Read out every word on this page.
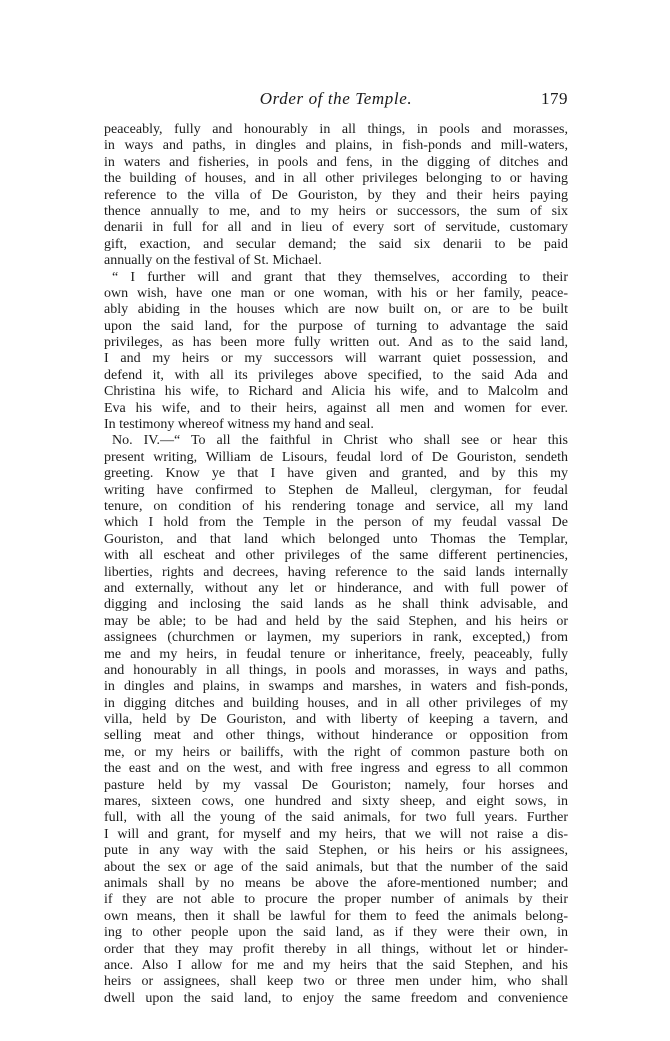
Order of the Temple.	179
peaceably, fully and honourably in all things, in pools and morasses,
in ways and paths, in dingles and plains, in fish-ponds and mill-waters,
in waters and fisheries, in pools and fens, in the digging of ditches and
the building of houses, and in all other privileges belonging to or having
reference to the villa of De Gouriston, by they and their heirs paying
thence annually to me, and to my heirs or successors, the sum of six
denarii in full for all and in lieu of every sort of servitude, customary
gift, exaction, and secular demand; the said six denarii to be paid
annually on the festival of St. Michael.
“ I further will and grant that they themselves, according to their
own wish, have one man or one woman, with his or her family, peace-
ably abiding in the houses which are now built on, or are to be built
upon the said land, for the purpose of turning to advantage the said
privileges, as has been more fully written out. And as to the said land,
I and my heirs or my successors will warrant quiet possession, and
defend it, with all its privileges above specified, to the said Ada and
Christina his wife, to Richard and Alicia his wife, and to Malcolm and
Eva his wife, and to their heirs, against all men and women for ever.
In testimony whereof witness my hand and seal.
No. IV.—“ To all the faithful in Christ who shall see or hear this
present writing, William de Lisours, feudal lord of De Gouriston, sendeth
greeting. Know ye that I have given and granted, and by this my
writing have confirmed to Stephen de Malleul, clergyman, for feudal
tenure, on condition of his rendering tonage and service, all my land
which I hold from the Temple in the person of my feudal vassal De
Gouriston, and that land which belonged unto Thomas the Templar,
with all escheat and other privileges of the same different pertinencies,
liberties, rights and decrees, having reference to the said lands internally
and externally, without any let or hinderance, and with full power of
digging and inclosing the said lands as he shall think advisable, and
may be able; to be had and held by the said Stephen, and his heirs or
assignees (churchmen or laymen, my superiors in rank, excepted,) from
me and my heirs, in feudal tenure or inheritance, freely, peaceably, fully
and honourably in all things, in pools and morasses, in ways and paths,
in dingles and plains, in swamps and marshes, in waters and fish-ponds,
in digging ditches and building houses, and in all other privileges of my
villa, held by De Gouriston, and with liberty of keeping a tavern, and
selling meat and other things, without hinderance or opposition from
me, or my heirs or bailiffs, with the right of common pasture both on
the east and on the west, and with free ingress and egress to all common
pasture held by my vassal De Gouriston; namely, four horses and
mares, sixteen cows, one hundred and sixty sheep, and eight sows, in
full, with all the young of the said animals, for two full years. Further
I will and grant, for myself and my heirs, that we will not raise a dis-
pute in any way with the said Stephen, or his heirs or his assignees,
about the sex or age of the said animals, but that the number of the said
animals shall by no means be above the afore-mentioned number; and
if they are not able to procure the proper number of animals by their
own means, then it shall be lawful for them to feed the animals belong-
ing to other people upon the said land, as if they were their own, in
order that they may profit thereby in all things, without let or hinder-
ance. Also I allow for me and my heirs that the said Stephen, and his
heirs or assignees, shall keep two or three men under him, who shall
dwell upon the said land, to enjoy the same freedom and convenience
